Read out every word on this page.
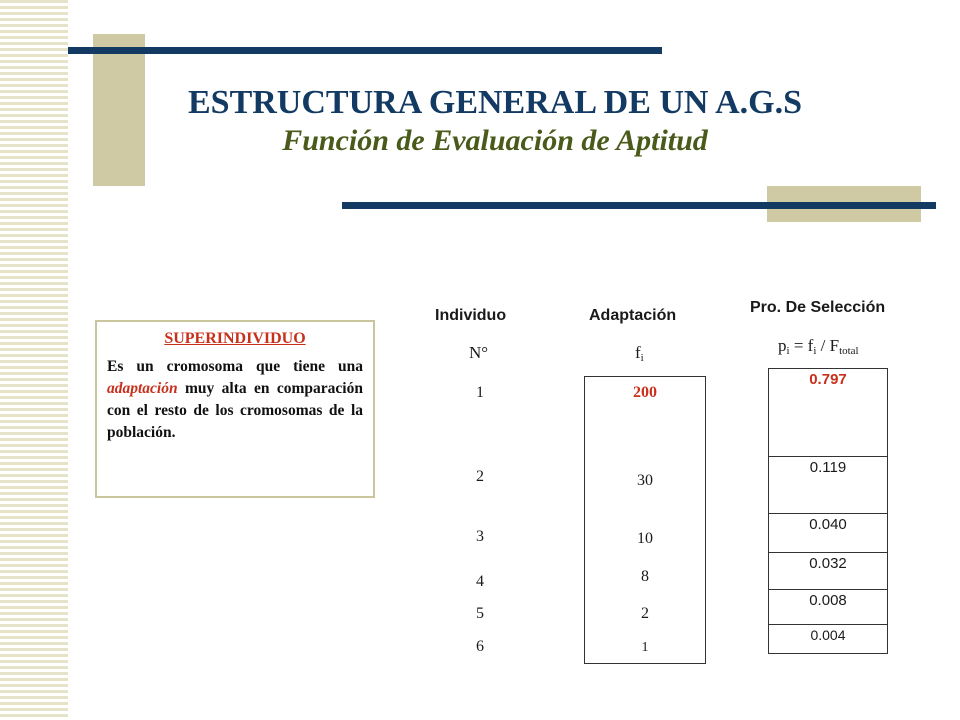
ESTRUCTURA GENERAL DE UN A.G.S
Función de Evaluación de Aptitud
SUPERINDIVIDUO
Es un cromosoma que tiene una adaptación muy alta en comparación con el resto de los cromosomas de la población.
Individuo
N°
Adaptación
fi
Pro. De Selección
pi = fi / Ftotal
1
2
3
4
5
6
200
30
10
8
2
1
0.797
0.119
0.040
0.032
0.008
0.004
